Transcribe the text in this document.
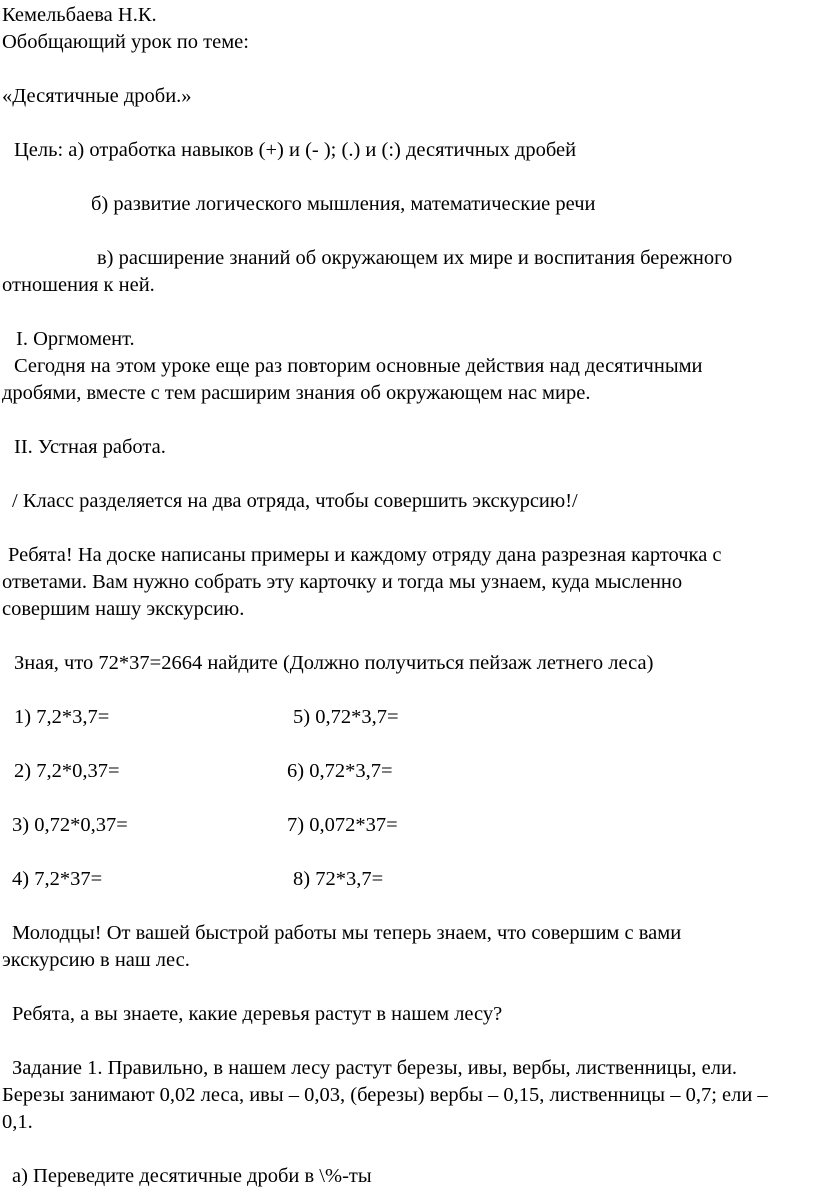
Кемельбаева Н.К.
Обобщающий урок по теме:
«Десятичные дроби.»
Цель: а) отработка навыков (+) и (- ); (.) и (:) десятичных дробей
б) развитие логического мышления, математические речи
в) расширение знаний об окружающем их мире и воспитания бережного
отношения к ней.
I. Оргмомент.
Сегодня на этом уроке еще раз повторим основные действия над десятичными
дробями, вместе с тем расширим знания об окружающем нас мире.
II. Устная работа.
/ Класс разделяется на два отряда, чтобы совершить экскурсию!/
Ребята! На доске написаны примеры и каждому отряду дана разрезная карточка с
ответами. Вам нужно собрать эту карточку и тогда мы узнаем, куда мысленно
совершим нашу экскурсию.
Зная, что 72*37=2664 найдите (Должно получиться пейзаж летнего леса)
1) 7,2*3,7=	5) 0,72*3,7=
2) 7,2*0,37=	6) 0,72*3,7=
3) 0,72*0,37=	7) 0,072*37=
4) 7,2*37=	8) 72*3,7=
Молодцы! От вашей быстрой работы мы теперь знаем, что совершим с вами
экскурсию в наш лес.
Ребята, а вы знаете, какие деревья растут в нашем лесу?
Задание 1. Правильно, в нашем лесу растут березы, ивы, вербы, лиственницы, ели.
Березы занимают 0,02 леса, ивы – 0,03, (березы) вербы – 0,15, лиственницы – 0,7; ели –
0,1.
а) Переведите десятичные дроби в \%-ты
